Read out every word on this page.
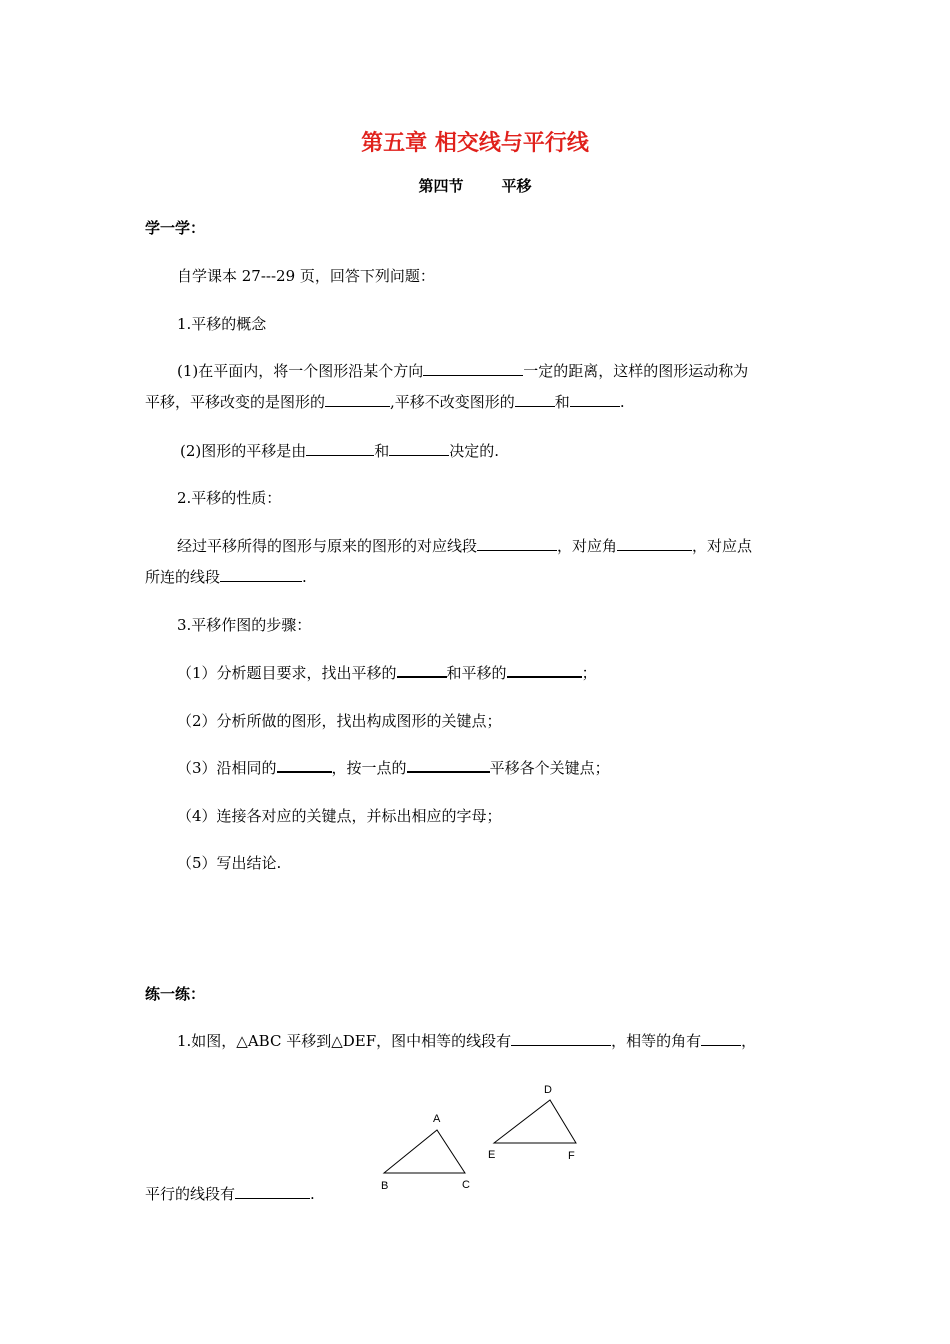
第五章 相交线与平行线
第四节	平移
学一学：
自学课本 27---29 页，回答下列问题：
1.平移的概念
(1)在平面内，将一个图形沿某个方向	一定的距离，这样的图形运动称为
平移，平移改变的是图形的	,平移不改变图形的	和	.
(2)图形的平移是由	和	决定的.
2.平移的性质：
经过平移所得的图形与原来的图形的对应线段	，对应角	，对应点
所连的线段	.
3.平移作图的步骤：
（1）分析题目要求，找出平移的	和平移的	；
（2）分析所做的图形，找出构成图形的关键点；
（3）沿相同的	，按一点的	平移各个关键点；
（4）连接各对应的关键点，并标出相应的字母；
（5）写出结论.
练一练：
1.如图，△ABC 平移到△DEF，图中相等的线段有	，相等的角有	，
平行的线段有	.
A
B	C
D
E	F
